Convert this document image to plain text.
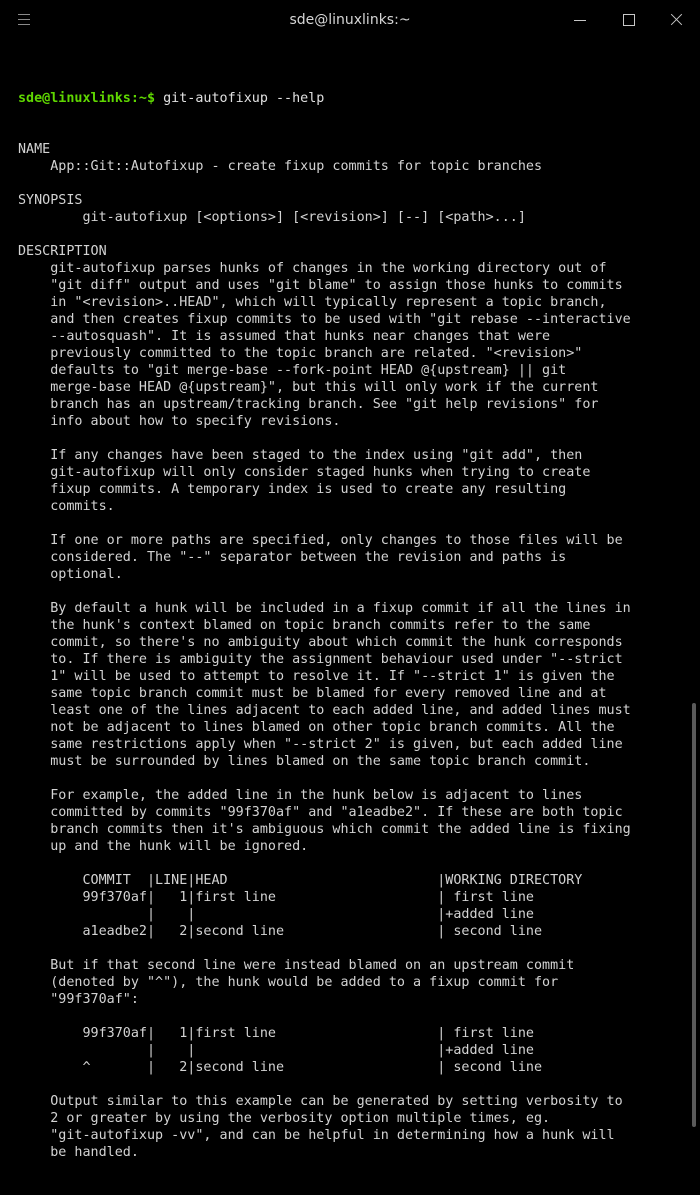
sde@linuxlinks:~

sde@linuxlinks:~$ git-autofixup --help

NAME
App::Git::Autofixup - create fixup commits for topic branches
SYNOPSIS
git-autofixup [<options>] [<revision>] [--] [<path>...]
DESCRIPTION
git-autofixup parses hunks of changes in the working directory out of
"git diff" output and uses "git blame" to assign those hunks to commits
in "<revision>..HEAD", which will typically represent a topic branch,
and then creates fixup commits to be used with "git rebase --interactive
--autosquash". It is assumed that hunks near changes that were
previously committed to the topic branch are related. "<revision>"
defaults to "git merge-base --fork-point HEAD @{upstream} || git
merge-base HEAD @{upstream}", but this will only work if the current
branch has an upstream/tracking branch. See "git help revisions" for
info about how to specify revisions.
If any changes have been staged to the index using "git add", then
git-autofixup will only consider staged hunks when trying to create
fixup commits. A temporary index is used to create any resulting
commits.
If one or more paths are specified, only changes to those files will be
considered. The "--" separator between the revision and paths is
optional.
By default a hunk will be included in a fixup commit if all the lines in
the hunk's context blamed on topic branch commits refer to the same
commit, so there's no ambiguity about which commit the hunk corresponds
to. If there is ambiguity the assignment behaviour used under "--strict
1" will be used to attempt to resolve it. If "--strict 1" is given the
same topic branch commit must be blamed for every removed line and at
least one of the lines adjacent to each added line, and added lines must
not be adjacent to lines blamed on other topic branch commits. All the
same restrictions apply when "--strict 2" is given, but each added line
must be surrounded by lines blamed on the same topic branch commit.
For example, the added line in the hunk below is adjacent to lines
committed by commits "99f370af" and "a1eadbe2". If these are both topic
branch commits then it's ambiguous which commit the added line is fixing
up and the hunk will be ignored.
COMMIT  |LINE|HEAD                          |WORKING DIRECTORY
99f370af|   1|first line                    | first line
|    |                              |+added line
a1eadbe2|   2|second line                   | second line
But if that second line were instead blamed on an upstream commit
(denoted by "^"), the hunk would be added to a fixup commit for
"99f370af":
99f370af|   1|first line                    | first line
|    |                              |+added line
^       |   2|second line                   | second line
Output similar to this example can be generated by setting verbosity to
2 or greater by using the verbosity option multiple times, eg.
"git-autofixup -vv", and can be helpful in determining how a hunk will
be handled.
